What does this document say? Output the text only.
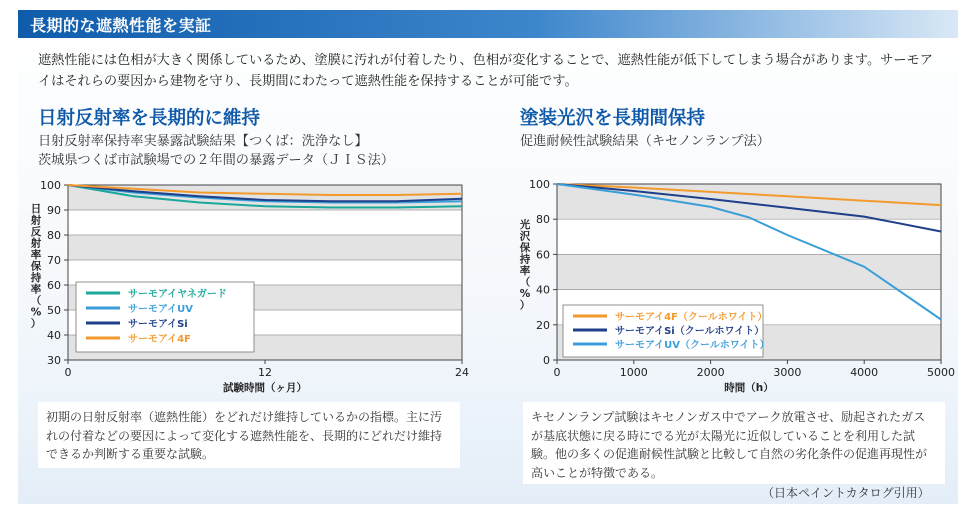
長期的な遮熱性能を実証
遮熱性能には色相が大きく関係しているため、塗膜に汚れが付着したり、色相が変化することで、遮熱性能が低下してしまう場合があります。サーモアイはそれらの要因から建物を守り、長期間にわたって遮熱性能を保持することが可能です。
日射反射率を長期的に維持
日射反射率保持率実暴露試験結果【つくば：洗浄なし】
茨城県つくば市試験場での２年間の暴露データ（ＪＩＳ法）
塗装光沢を長期間保持
促進耐候性試験結果（キセノンランプ法）
30
40
50
60
70
80
90
100
0	12	24
試験時間（ヶ月）
日射反射率保持率（%）
サーモアイヤネガード
サーモアイUV
サーモアイSi
サーモアイ4F
0
20
40
60
80
100
0	1000	2000	3000	4000	5000
時間（h）
光沢保持率（%）
サーモアイ4F（クールホワイト）
サーモアイSi（クールホワイト）
サーモアイUV（クールホワイト）
初期の日射反射率（遮熱性能）をどれだけ維持しているかの指標。主に汚れの付着などの要因によって変化する遮熱性能を、長期的にどれだけ維持できるか判断する重要な試験。
キセノンランプ試験はキセノンガス中でアーク放電させ、励起されたガスが基底状態に戻る時にでる光が太陽光に近似していることを利用した試験。他の多くの促進耐候性試験と比較して自然の劣化条件の促進再現性が高いことが特徴である。
（日本ペイントカタログ引用）
